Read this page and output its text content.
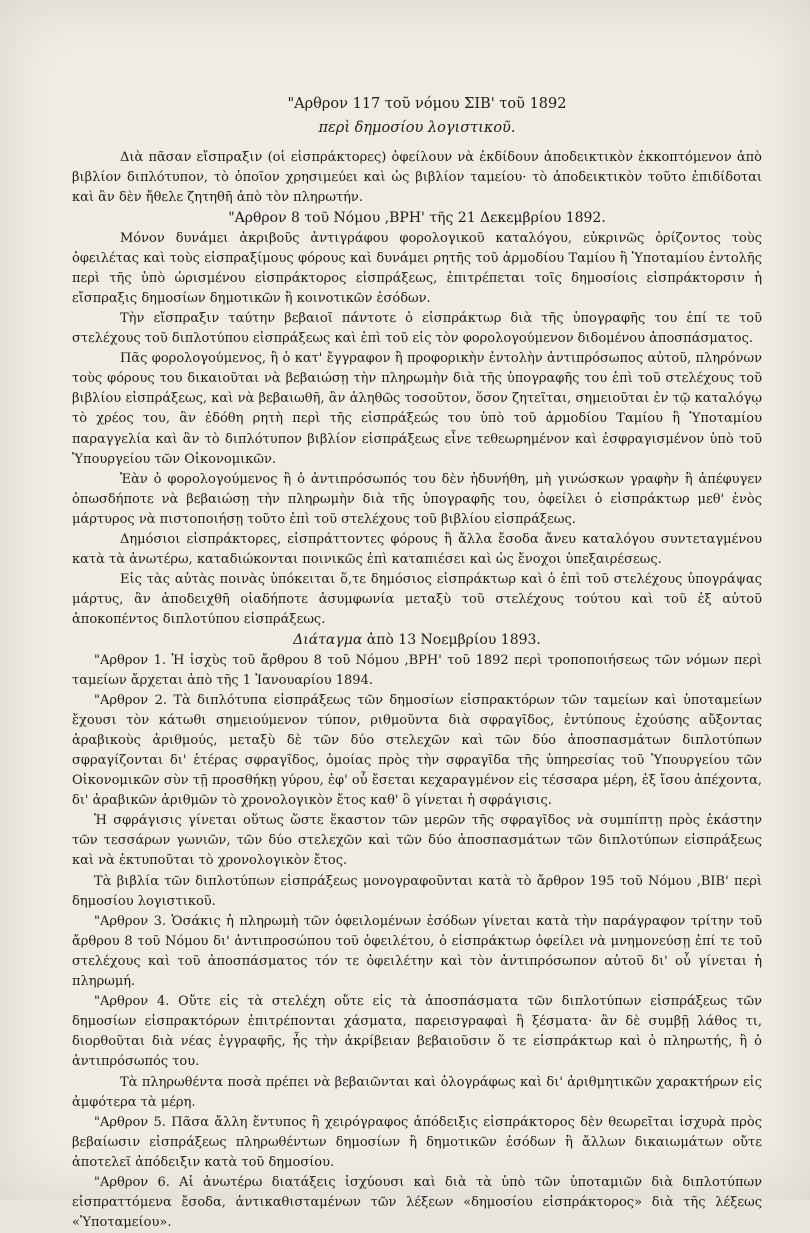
"Αρθρον 117 τοῦ νόμου ΣΙΒ' τοῦ 1892

περὶ δημοσίου λογιστικοῦ.

Διὰ πᾶσαν εἴσπραξιν (οἱ εἰσπράκτορες) ὀφείλουν νὰ ἐκδίδουν ἀποδεικτικὸν ἐκκοπτόμενον ἀπὸ βιβλίον διπλότυπον, τὸ ὁποῖον χρησιμεύει καὶ ὡς βιβλίον ταμείου· τὸ ἀποδεικτικὸν τοῦτο ἐπιδίδοται καὶ ἂν δὲν ἤθελε ζητηθῆ ἀπὸ τὸν πληρωτήν.

"Αρθρον 8 τοῦ Νόμου ,ΒΡΗ' τῆς 21 Δεκεμβρίου 1892.

Μόνον δυνάμει ἀκριβοῦς ἀντιγράφου φορολογικοῦ καταλόγου, εὐκρινῶς ὁρίζοντος τοὺς ὀφειλέτας καὶ τοὺς εἰσπραξίμους φόρους καὶ δυνάμει ρητῆς τοῦ ἁρμοδίου Ταμίου ἢ Ὑποταμίου ἐντολῆς περὶ τῆς ὑπὸ ὡρισμένου εἰσπράκτορος εἰσπράξεως, ἐπιτρέπεται τοῖς δημοσίοις εἰσπράκτορσιν ἡ εἴσπραξις δημοσίων δημοτικῶν ἢ κοινοτικῶν ἐσόδων.

Τὴν εἴσπραξιν ταύτην βεβαιοῖ πάντοτε ὁ εἰσπράκτωρ διὰ τῆς ὑπογραφῆς του ἐπί τε τοῦ στελέχους τοῦ διπλοτύπου εἰσπράξεως καὶ ἐπὶ τοῦ εἰς τὸν φορολογούμενον διδομένου ἀποσπάσματος.

Πᾶς φορολογούμενος, ἢ ὁ κατ' ἔγγραφον ἢ προφορικὴν ἐντολὴν ἀντιπρόσωπος αὐτοῦ, πληρόνων τοὺς φόρους του δικαιοῦται νὰ βεβαιώσῃ τὴν πληρωμὴν διὰ τῆς ὑπογραφῆς του ἐπὶ τοῦ στελέχους τοῦ βιβλίου εἰσπράξεως, καὶ νὰ βεβαιωθῆ, ἂν ἀληθῶς τοσοῦτον, ὅσον ζητεῖται, σημειοῦται ἐν τῷ καταλόγῳ τὸ χρέος του, ἂν ἐδόθη ρητὴ περὶ τῆς εἰσπράξεώς του ὑπὸ τοῦ ἁρμοδίου Ταμίου ἢ Ὑποταμίου παραγγελία καὶ ἂν τὸ διπλότυπον βιβλίον εἰσπράξεως εἶνε τεθεωρημένον καὶ ἐσφραγισμένον ὑπὸ τοῦ Ὑπουργείου τῶν Οἰκονομικῶν.

Ἐὰν ὁ φορολογούμενος ἢ ὁ ἀντιπρόσωπός του δὲν ἠδυνήθη, μὴ γινώσκων γραφὴν ἢ ἀπέφυγεν ὁπωσδήποτε νὰ βεβαιώσῃ τὴν πληρωμὴν διὰ τῆς ὑπογραφῆς του, ὀφείλει ὁ εἰσπράκτωρ μεθ' ἑνὸς μάρτυρος νὰ πιστοποιήσῃ τοῦτο ἐπὶ τοῦ στελέχους τοῦ βιβλίου εἰσπράξεως.

Δημόσιοι εἰσπράκτορες, εἰσπράττοντες φόρους ἢ ἄλλα ἔσοδα ἄνευ καταλόγου συντεταγμένου κατὰ τὰ ἀνωτέρω, καταδιώκονται ποινικῶς ἐπὶ καταπιέσει καὶ ὡς ἔνοχοι ὑπεξαιρέσεως.

Εἰς τὰς αὐτὰς ποινὰς ὑπόκειται ὅ,τε δημόσιος εἰσπράκτωρ καὶ ὁ ἐπὶ τοῦ στελέχους ὑπογράψας μάρτυς, ἂν ἀποδειχθῆ οἱαδήποτε ἀσυμφωνία μεταξὺ τοῦ στελέχους τούτου καὶ τοῦ ἐξ αὐτοῦ ἀποκοπέντος διπλοτύπου εἰσπράξεως.

Διάταγμα ἀπὸ 13 Νοεμβρίου 1893.

"Αρθρον 1. Ἡ ἰσχὺς τοῦ ἄρθρου 8 τοῦ Νόμου ,ΒΡΗ' τοῦ 1892 περὶ τροποποιήσεως τῶν νόμων περὶ ταμείων ἄρχεται ἀπὸ τῆς 1 Ἰανουαρίου 1894.

"Αρθρον 2. Τὰ διπλότυπα εἰσπράξεως τῶν δημοσίων εἰσπρακτόρων τῶν ταμείων καὶ ὑποταμείων ἔχουσι τὸν κάτωθι σημειούμενον τύπον, ριθμοῦντα διὰ σφραγῖδος, ἐντύπους ἐχούσης αὔξοντας ἀραβικοὺς ἀριθμούς, μεταξὺ δὲ τῶν δύο στελεχῶν καὶ τῶν δύο ἀποσπασμάτων διπλοτύπων σφραγίζονται δι' ἑτέρας σφραγῖδος, ὁμοίας πρὸς τὴν σφραγῖδα τῆς ὑπηρεσίας τοῦ Ὑπουργείου τῶν Οἰκονομικῶν σὺν τῇ προσθήκῃ γύρου, ἐφ' οὗ ἔσεται κεχαραγμένον εἰς τέσσαρα μέρη, ἐξ ἴσου ἀπέχοντα, δι' ἀραβικῶν ἀριθμῶν τὸ χρονολογικὸν ἔτος καθ' ὃ γίνεται ἡ σφράγισις.

Ἡ σφράγισις γίνεται οὕτως ὥστε ἕκαστον τῶν μερῶν τῆς σφραγῖδος νὰ συμπίπτῃ πρὸς ἑκάστην τῶν τεσσάρων γωνιῶν, τῶν δύο στελεχῶν καὶ τῶν δύο ἀποσπασμάτων τῶν διπλοτύπων εἰσπράξεως καὶ νὰ ἐκτυποῦται τὸ χρονολογικὸν ἔτος.

Τὰ βιβλία τῶν διπλοτύπων εἰσπράξεως μονογραφοῦνται κατὰ τὸ ἄρθρον 195 τοῦ Νόμου ,ΒΙΒ' περὶ δημοσίου λογιστικοῦ.

"Αρθρον 3. Ὁσάκις ἡ πληρωμὴ τῶν ὀφειλομένων ἐσόδων γίνεται κατὰ τὴν παράγραφον τρίτην τοῦ ἄρθρου 8 τοῦ Νόμου δι' ἀντιπροσώπου τοῦ ὀφειλέτου, ὁ εἰσπράκτωρ ὀφείλει νὰ μνημονεύσῃ ἐπί τε τοῦ στελέχους καὶ τοῦ ἀποσπάσματος τόν τε ὀφειλέτην καὶ τὸν ἀντιπρόσωπον αὐτοῦ δι' οὗ γίνεται ἡ πληρωμή.

"Αρθρον 4. Οὔτε εἰς τὰ στελέχη οὔτε εἰς τὰ ἀποσπάσματα τῶν διπλοτύπων εἰσπράξεως τῶν δημοσίων εἰσπρακτόρων ἐπιτρέπονται χάσματα, παρεισγραφαὶ ἢ ξέσματα· ἂν δὲ συμβῇ λάθος τι, διορθοῦται διὰ νέας ἐγγραφῆς, ἧς τὴν ἀκρίβειαν βεβαιοῦσιν ὅ τε εἰσπράκτωρ καὶ ὁ πληρωτής, ἢ ὁ ἀντιπρόσωπός του.

Τὰ πληρωθέντα ποσὰ πρέπει νὰ βεβαιῶνται καὶ ὁλογράφως καὶ δι' ἀριθμητικῶν χαρακτήρων εἰς ἀμφότερα τὰ μέρη.

"Αρθρον 5. Πᾶσα ἄλλη ἔντυπος ἢ χειρόγραφος ἀπόδειξις εἰσπράκτορος δὲν θεωρεῖται ἰσχυρὰ πρὸς βεβαίωσιν εἰσπράξεως πληρωθέντων δημοσίων ἢ δημοτικῶν ἐσόδων ἢ ἄλλων δικαιωμάτων οὔτε ἀποτελεῖ ἀπόδειξιν κατὰ τοῦ δημοσίου.

"Αρθρον 6. Αἱ ἀνωτέρω διατάξεις ἰσχύουσι καὶ διὰ τὰ ὑπὸ τῶν ὑποταμιῶν διὰ διπλοτύπων εἰσπραττόμενα ἔσοδα, ἀντικαθισταμένων τῶν λέξεων «δημοσίου εἰσπράκτορος» διὰ τῆς λέξεως «Ὑποταμείου».
